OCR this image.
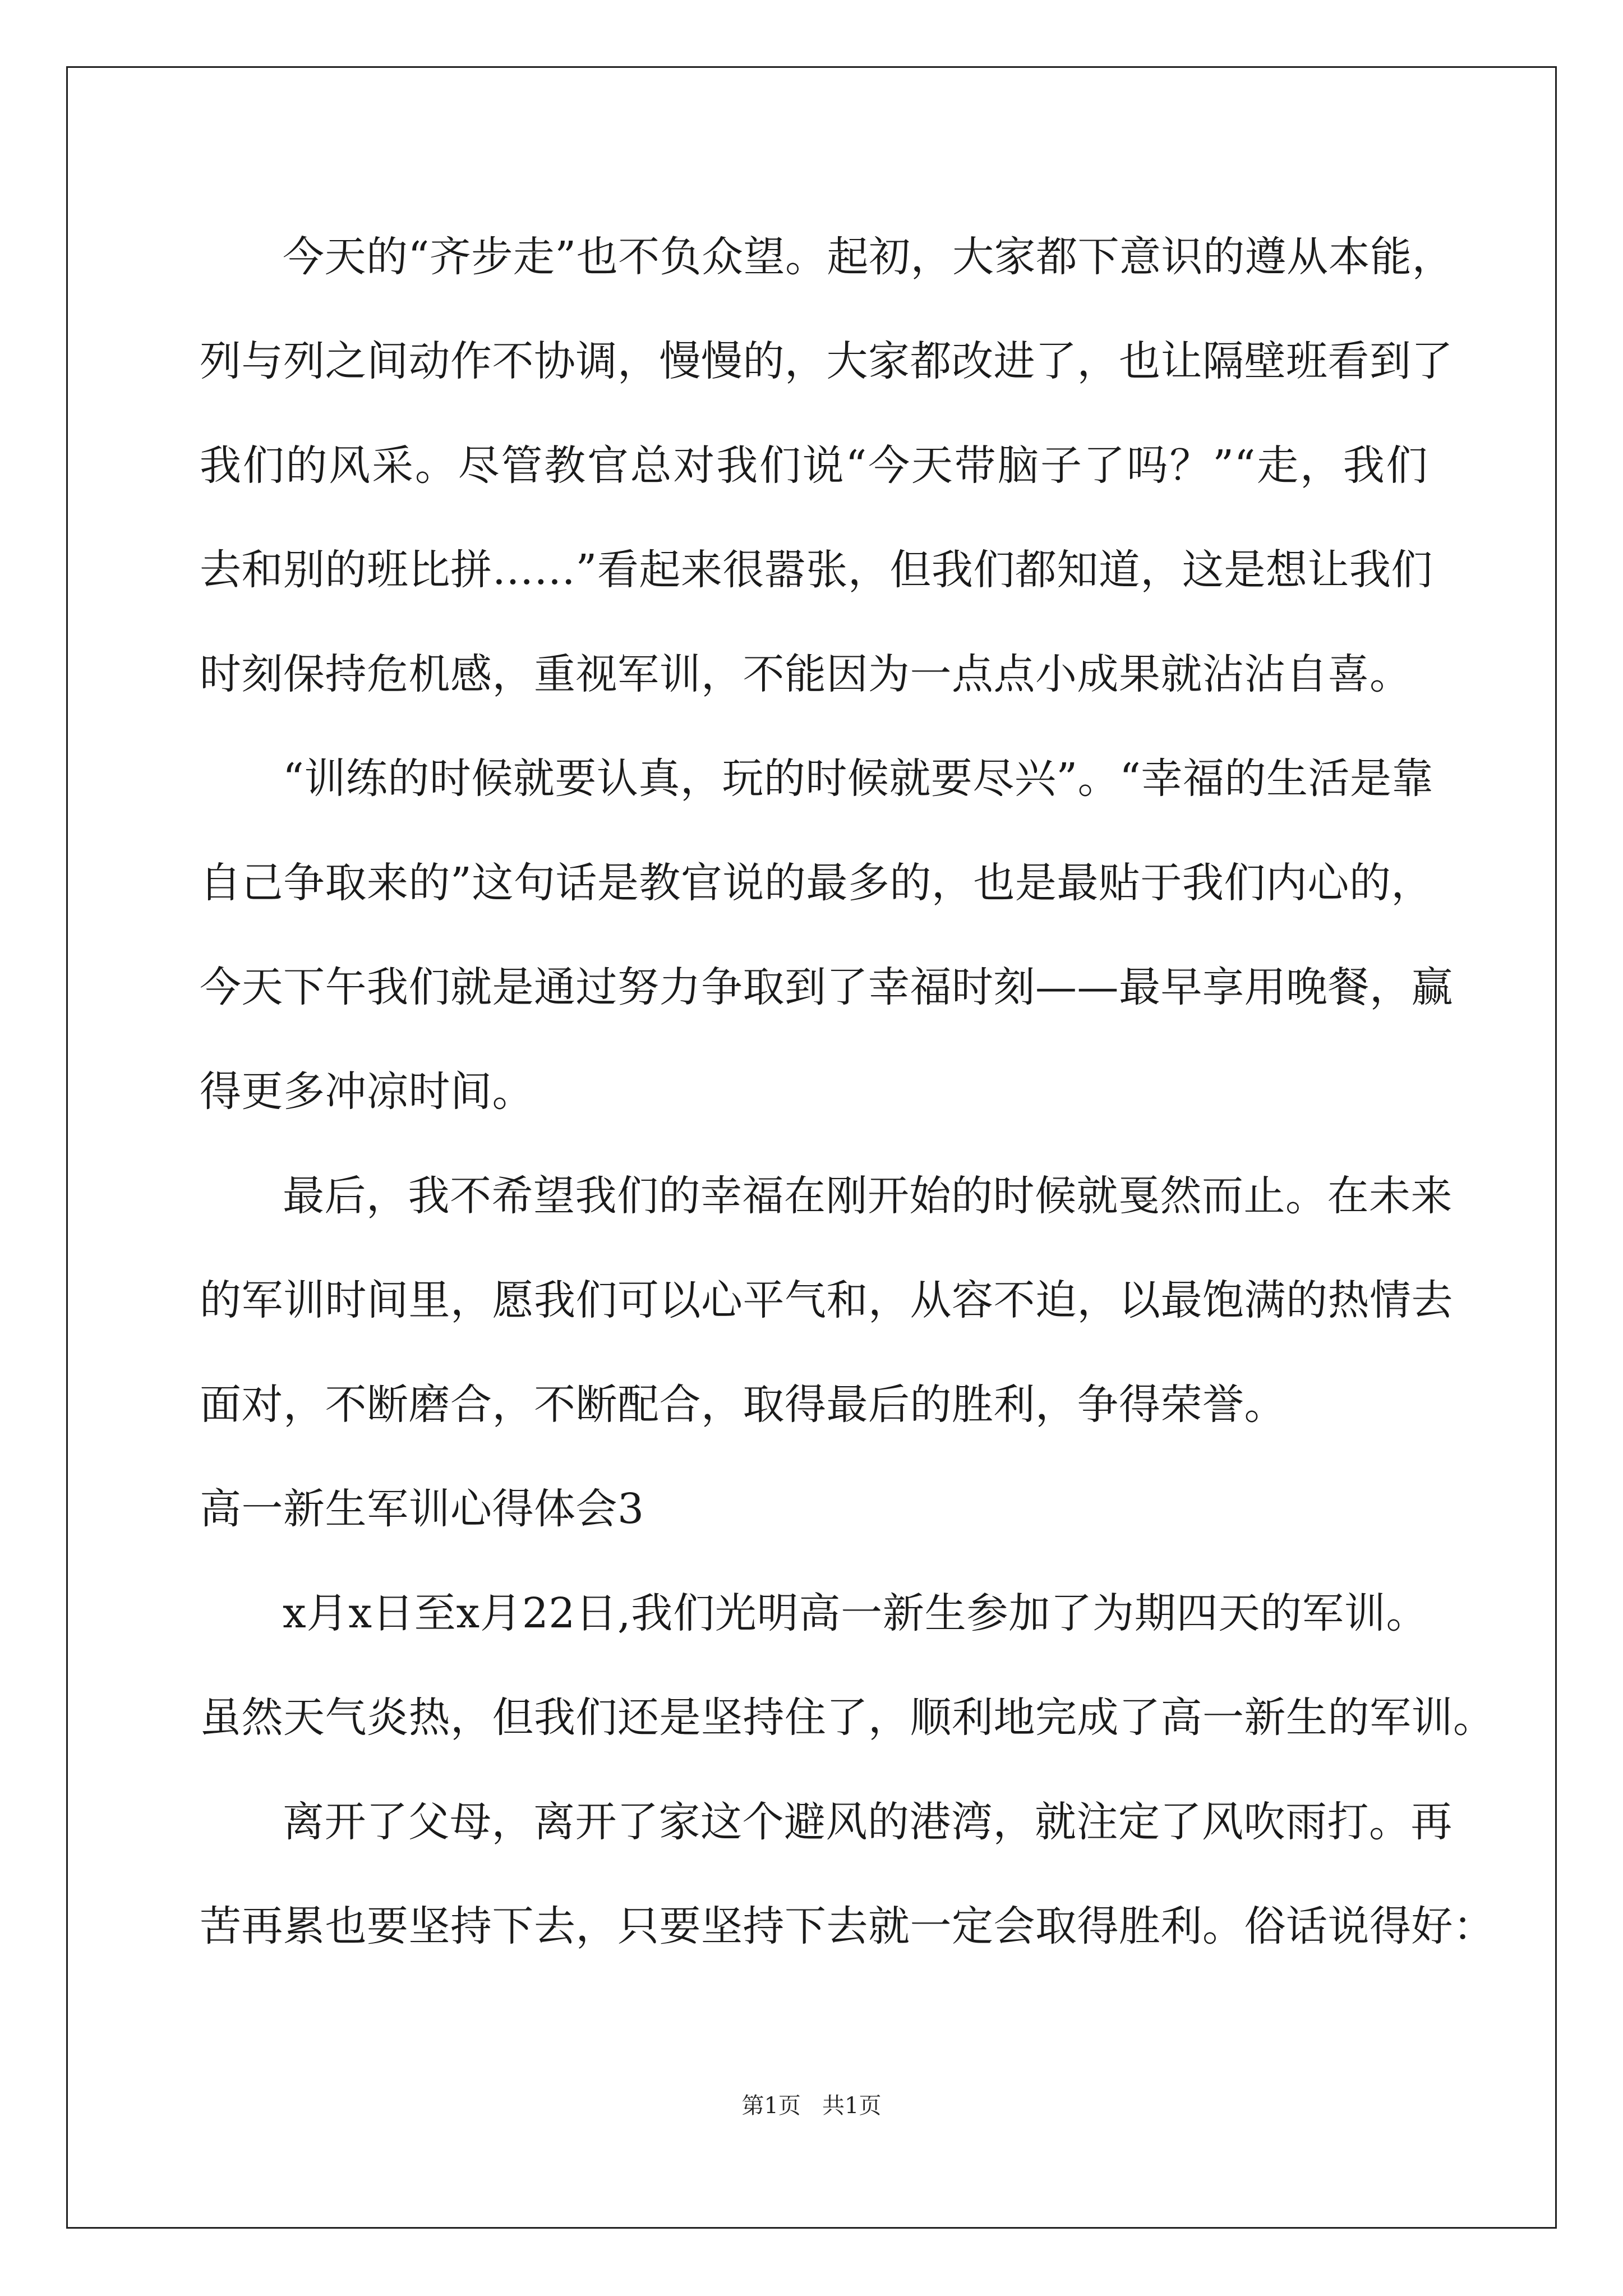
今天的“齐步走”也不负众望。起初，大家都下意识的遵从本能，
列与列之间动作不协调，慢慢的，大家都改进了，也让隔壁班看到了
我们的风采。尽管教官总对我们说“今天带脑子了吗？”“走，我们
去和别的班比拼……”看起来很嚣张，但我们都知道，这是想让我们
时刻保持危机感，重视军训，不能因为一点点小成果就沾沾自喜。
“训练的时候就要认真，玩的时候就要尽兴”。“幸福的生活是靠
自己争取来的”这句话是教官说的最多的，也是最贴于我们内心的，
今天下午我们就是通过努力争取到了幸福时刻——最早享用晚餐，赢
得更多冲凉时间。
最后，我不希望我们的幸福在刚开始的时候就戛然而止。在未来
的军训时间里，愿我们可以心平气和，从容不迫，以最饱满的热情去
面对，不断磨合，不断配合，取得最后的胜利，争得荣誉。
高一新生军训心得体会3
x月x日至x月22日,我们光明高一新生参加了为期四天的军训。
虽然天气炎热，但我们还是坚持住了，顺利地完成了高一新生的军训。
离开了父母，离开了家这个避风的港湾，就注定了风吹雨打。再
苦再累也要坚持下去，只要坚持下去就一定会取得胜利。俗话说得好：
第1页   共1页
